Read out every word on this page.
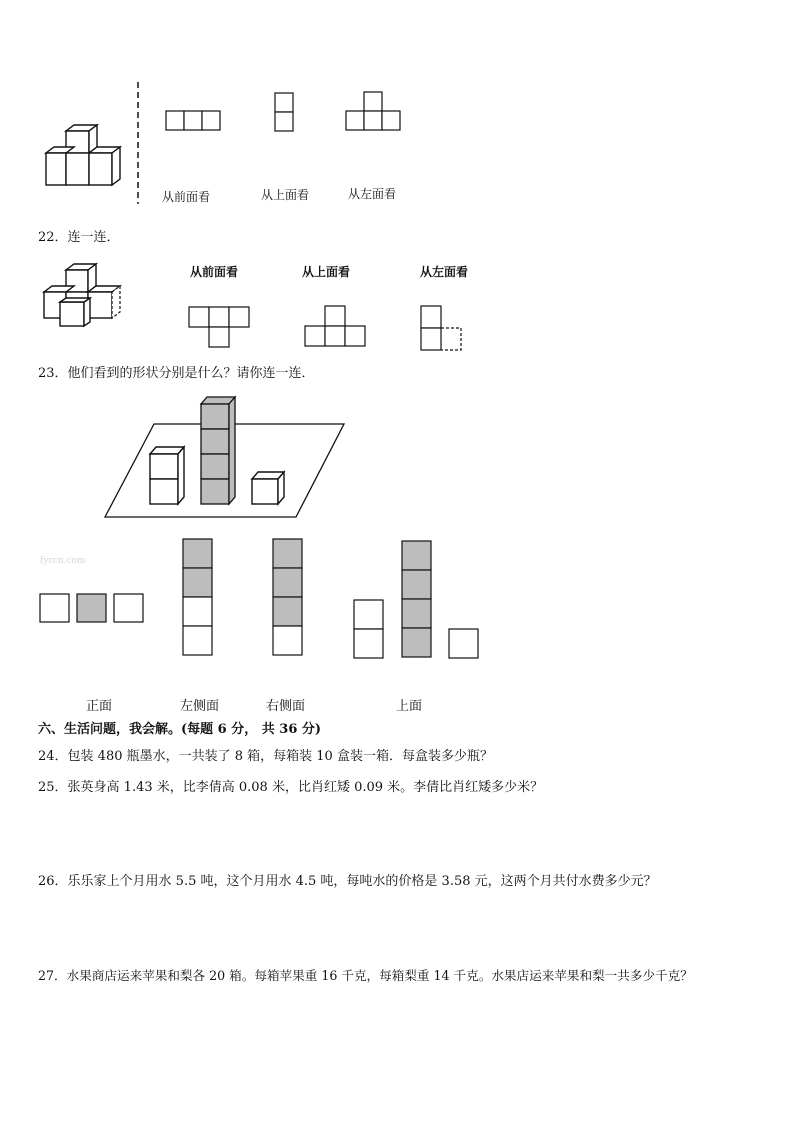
从前面看	从上面看	从左面看
22．连一连．
从前面看	从上面看	从左面看
23．他们看到的形状分别是什么？请你连一连．
fyrcn.com
正面	左侧面	右侧面	上面
六、生活问题，我会解。(每题 6 分， 共 36 分)
24．包装 480 瓶墨水，一共装了 8 箱，每箱装 10 盒装一箱．每盒装多少瓶？
25．张英身高 1.43 米，比李倩高 0.08 米，比肖红矮 0.09 米。李倩比肖红矮多少米？
26．乐乐家上个月用水 5.5 吨，这个月用水 4.5 吨，每吨水的价格是 3.58 元，这两个月共付水费多少元？
27．水果商店运来苹果和梨各 20 箱。每箱苹果重 16 千克，每箱梨重 14 千克。水果店运来苹果和梨一共多少千克？
